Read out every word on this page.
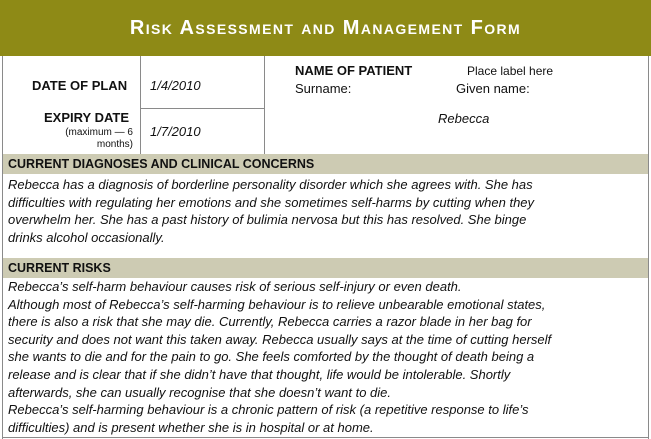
Risk Assessment and Management Form
DATE OF PLAN 1/4/2010
EXPIRY DATE
(maximum — 6
months)
1/7/2010
NAME OF PATIENT	Place label here
Surname:	Given name:
Rebecca
CURRENT DIAGNOSES AND CLINICAL CONCERNS
Rebecca has a diagnosis of borderline personality disorder which she agrees with. She has
difficulties with regulating her emotions and she sometimes self-harms by cutting when they
overwhelm her. She has a past history of bulimia nervosa but this has resolved. She binge
drinks alcohol occasionally.
CURRENT RISKS
Rebecca’s self-harm behaviour causes risk of serious self-injury or even death.
Although most of Rebecca’s self-harming behaviour is to relieve unbearable emotional states,
there is also a risk that she may die. Currently, Rebecca carries a razor blade in her bag for
security and does not want this taken away. Rebecca usually says at the time of cutting herself
she wants to die and for the pain to go. She feels comforted by the thought of death being a
release and is clear that if she didn’t have that thought, life would be intolerable. Shortly
afterwards, she can usually recognise that she doesn’t want to die.
Rebecca’s self-harming behaviour is a chronic pattern of risk (a repetitive response to life’s
difficulties) and is present whether she is in hospital or at home.
